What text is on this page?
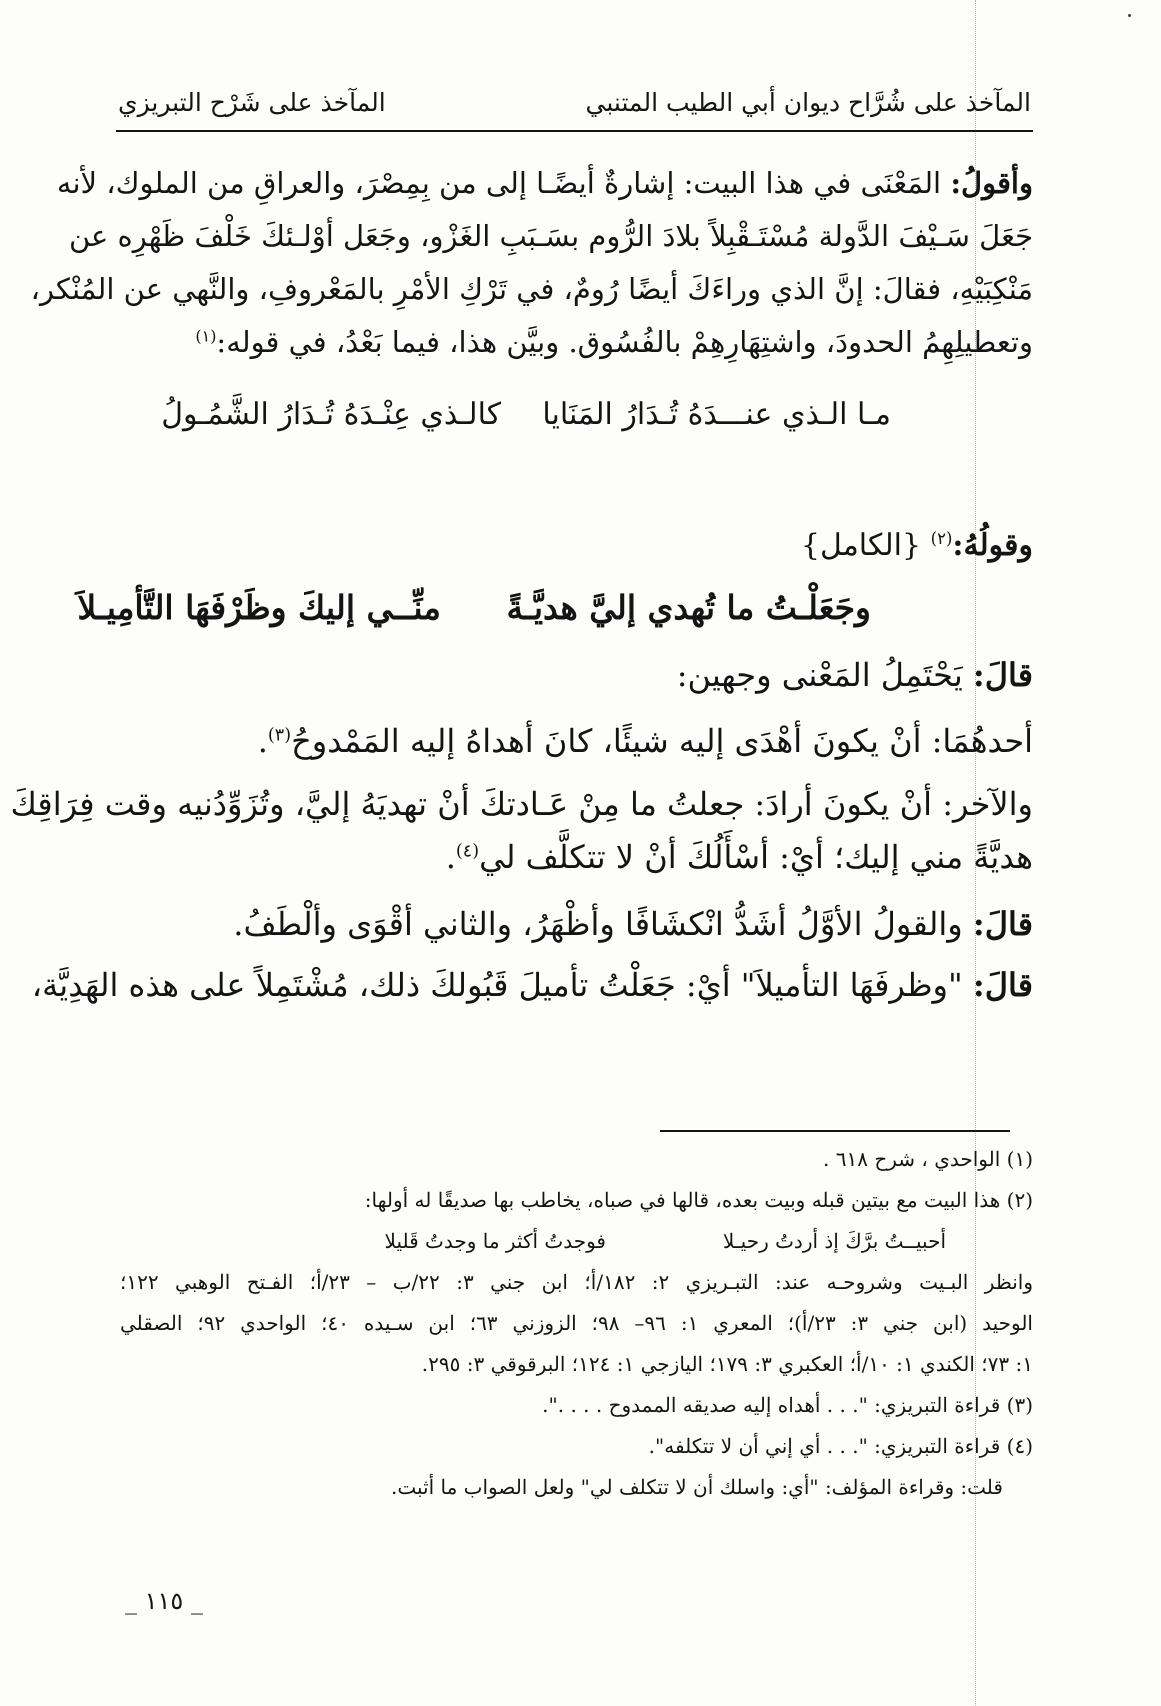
المآخذ على شُرَّاح ديوان أبي الطيب المتنبي
المآخذ على شَرْح التبريزي
وأقولُ: المَعْنَى في هذا البيت: إشارةٌ أيضًـا إلى من بِمِصْرَ، والعراقِ من الملوك، لأنه
جَعَلَ سَـيْفَ الدَّولة مُسْتَـقْبِلاً بلادَ الرُّوم بسَـبَبِ الغَزْو، وجَعَل أوْلـئكَ خَلْفَ ظَهْرِه عن
مَنْكِبَيْهِ، فقالَ: إنَّ الذي وراءَكَ أيضًا رُومٌ، في تَرْكِ الأمْرِ بالمَعْروفِ، والنَّهي عن المُنْكر،
وتعطيلِهِمُ الحدودَ، واشتِهَارِهِمْ بالفُسُوق. وبيَّن هذا، فيما بَعْدُ، في قوله:$^{(١)}$
مـا الـذي عنـــدَهُ تُـدَارُ المَنَايا
كالـذي عِنْـدَهُ تُـدَارُ الشَّمُـولُ
وقولُهُ:$^{(٢)}$ {الكامل}
وجَعَلْـتُ ما تُهدي إليَّ هديَّـةً
منِّــي إليكَ وظَرْفَهَا التَّأمِيـلاَ
قالَ: يَحْتَمِلُ المَعْنى وجهين:
أحدهُمَا: أنْ يكونَ أهْدَى إليه شيئًا، كانَ أهداهُ إليه المَمْدوحُ$^{(٣)}$.
والآخر: أنْ يكونَ أرادَ: جعلتُ ما مِنْ عَـادتكَ أنْ تهديَهُ إليَّ، وتُزَوِّدُنيه وقت فِرَاقِكَ
هديَّةً مني إليك؛ أيْ: أسْأَلُكَ أنْ لا تتكلَّف لي$^{(٤)}$.
قالَ: والقولُ الأوَّلُ أشَدُّ انْكشَافًا وأظْهَرُ، والثاني أقْوَى وألْطَفُ.
قالَ: "وظرفَهَا التأميلاَ" أيْ: جَعَلْتُ تأميلَ قَبُولكَ ذلك، مُشْتَمِلاً على هذه الهَدِيَّة،
(١) الواحدي ، شرح ٦١٨ .
(٢) هذا البيت مع بيتين قبله وبيت بعده، قالها في صباه، يخاطب بها صديقًا له أولها:
أحبيــتُ برَّكَ إذ أردتُ رحيـلا
فوجدتُ أكثر ما وجدتُ قَليلا
وانظر البـيت وشروحـه عند: التبـريزي ٢: ١٨٢/أ؛ ابن جني ٣: ٢٢/ب – ٢٣/أ؛ الفـتح الوهبي ١٢٢؛
الوحيد (ابن جني ٣: ٢٣/أ)؛ المعري ١: ٩٦– ٩٨؛ الزوزني ٦٣؛ ابن سـيده ٤٠؛ الواحدي ٩٢؛ الصقلي
١: ٧٣؛ الكندي ١: ١٠/أ؛ العكبري ٣: ١٧٩؛ اليازجي ١: ١٢٤؛ البرقوقي ٣: ٢٩٥.
(٣) قراءة التبريزي: ". . . أهداه إليه صديقه الممدوح . . . .".
(٤) قراءة التبريزي: ". . . أي إني أن لا تتكلفه".
قلت: وقراءة المؤلف: "أي: واسلك أن لا تتكلف لي" ولعل الصواب ما أثبت.
_ ١١٥ _
